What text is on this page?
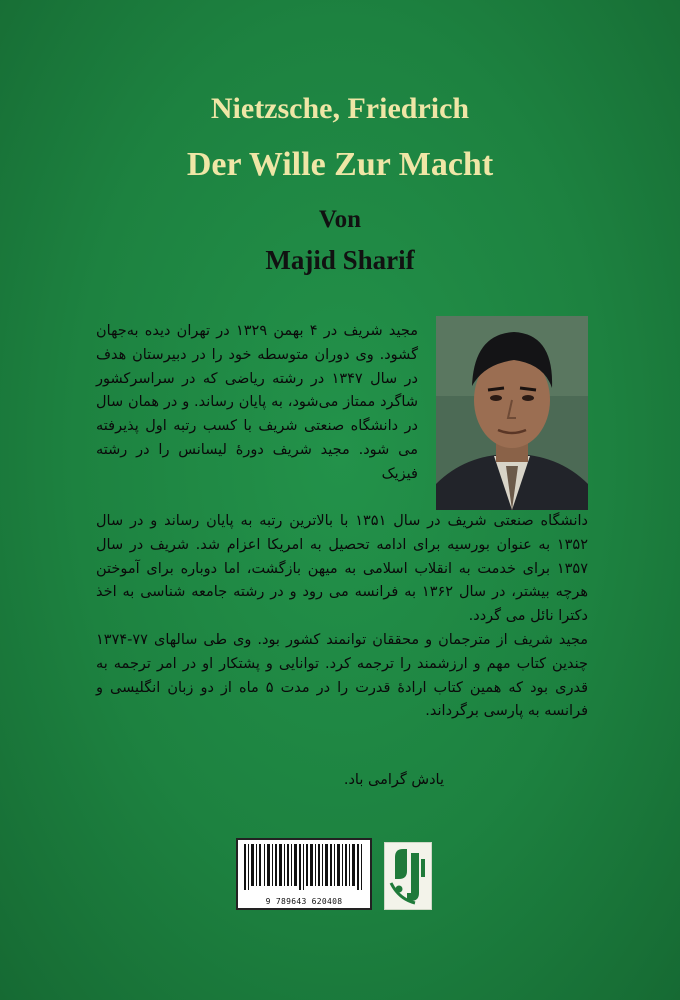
Nietzsche, Friedrich
Der Wille Zur Macht
Von
Majid Sharif

مجید شریف در ۴ بهمن ۱۳۲۹ در تهران دیده به‌جهان گشود. وی دوران متوسطه خود را در دبیرستان هدف در سال ۱۳۴۷ در رشته ریاضی که در سراسرکشور شاگرد ممتاز می‌شود، به پایان رساند. و در همان سال در دانشگاه صنعتی شریف با کسب رتبه اول پذیرفته می شود. مجید شریف دورهٔ لیسانس را در رشته فیزیک

دانشگاه صنعتی شریف در سال ۱۳۵۱ با بالاترین رتبه به پایان رساند و در سال ۱۳۵۲ به عنوان بورسیه برای ادامه تحصیل به امریکا اعزام شد. شریف در سال ۱۳۵۷ برای خدمت به انقلاب اسلامی به میهن بازگشت، اما دوباره برای آموختن هرچه بیشتر، در سال ۱۳۶۲ به فرانسه می رود و در رشته جامعه شناسی به اخذ دکترا نائل می گردد.

مجید شریف از مترجمان و محققان توانمند کشور بود. وی طی سالهای ۷۷-۱۳۷۴ چندین کتاب مهم و ارزشمند را ترجمه کرد. توانایی و پشتکار او در امر ترجمه به قدری بود که همین کتاب ارادهٔ قدرت را در مدت ۵ ماه از دو زبان انگلیسی و فرانسه به پارسی برگرداند.

یادش گرامی باد.
9 789643 620408
